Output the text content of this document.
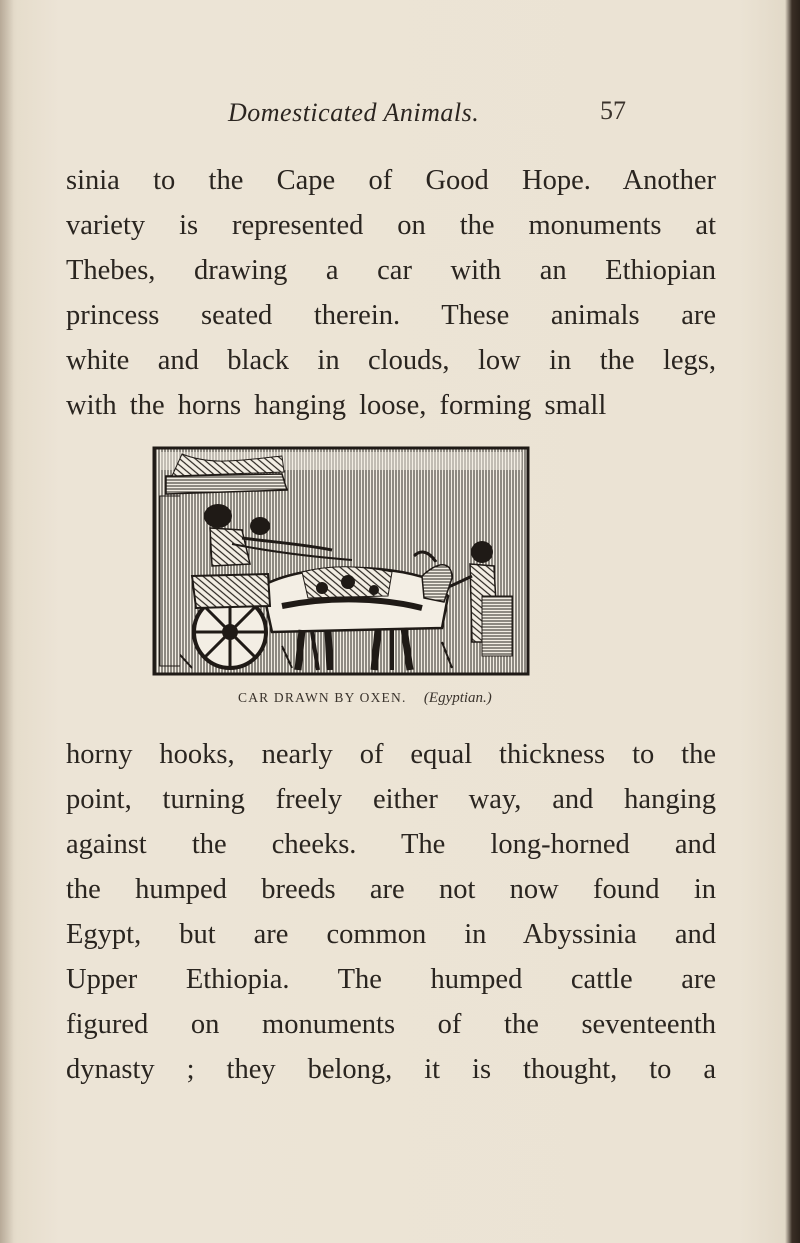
Domesticated Animals.	57
sinia to the Cape of Good Hope. Another
variety is represented on the monuments at
Thebes, drawing a car with an Ethiopian
princess seated therein. These animals are
white and black in clouds, low in the legs,
with the horns hanging loose, forming small
CAR DRAWN BY OXEN. (Egyptian.)
horny hooks, nearly of equal thickness to the
point, turning freely either way, and hanging
against the cheeks. The long-horned and
the humped breeds are not now found in
Egypt, but are common in Abyssinia and
Upper Ethiopia. The humped cattle are
figured on monuments of the seventeenth
dynasty ; they belong, it is thought, to a
